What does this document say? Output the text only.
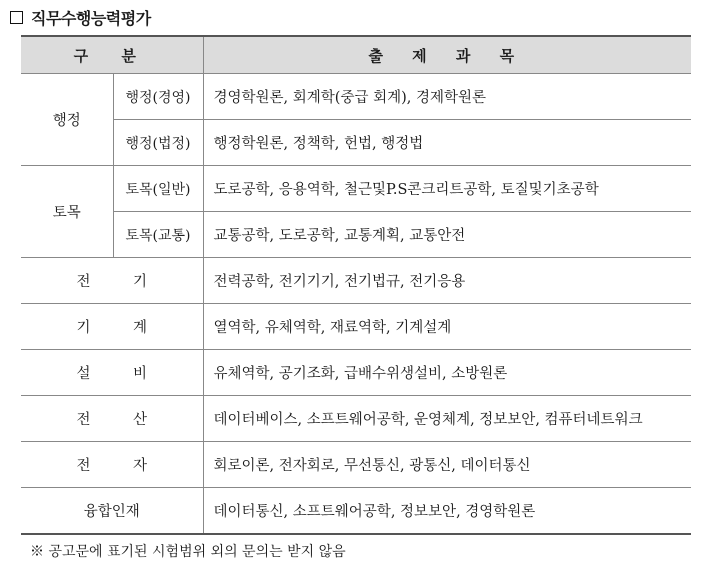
직무수행능력평가
구 분		출 제 과 목
행정	행정(경영)	경영학원론, 회계학(중급 회계), 경제학원론
	행정(법정)	행정학원론, 정책학, 헌법, 행정법
토목	토목(일반)	도로공학, 응용역학, 철근및P.S콘크리트공학, 토질및기초공학
	토목(교통)	교통공학, 도로공학, 교통계획, 교통안전
전 기		전력공학, 전기기기, 전기법규, 전기응용
기 계		열역학, 유체역학, 재료역학, 기계설계
설 비		유체역학, 공기조화, 급배수위생설비, 소방원론
전 산		데이터베이스, 소프트웨어공학, 운영체계, 정보보안, 컴퓨터네트워크
전 자		회로이론, 전자회로, 무선통신, 광통신, 데이터통신
융합인재		데이터통신, 소프트웨어공학, 정보보안, 경영학원론
※ 공고문에 표기된 시험범위 외의 문의는 받지 않음
